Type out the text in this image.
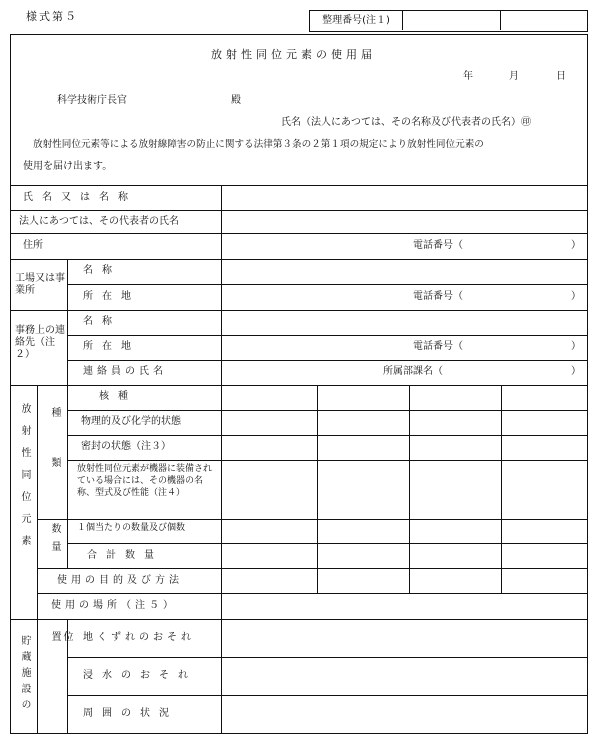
様式第５	整理番号(注１)
放射性同位元素の使用届
年	月	日
科学技術庁長官	殿
氏名（法人にあつては、その名称及び代表者の氏名）㊞
放射性同位元素等による放射線障害の防止に関する法律第３条の２第１項の規定により放射性同位元素の
使用を届け出ます。
氏名又は名称
法人にあつては、その代表者の氏名
住所	電話番号（	）
工場又は事業所
名称
所在地	電話番号（	）
事務上の連絡先（注２）
名称
所在地	電話番号（	）
連絡員の氏名	所属部課名（	）
放射性同位元素 種類
核種
物理的及び化学的状態
密封の状態（注３）
放射性同位元素が機器に装備されている場合には、その機器の名称、型式及び性能（注４）
数量 １個当たりの数量及び個数
合計数量
使用の目的及び方法
使用の場所（注５）
貯蔵施設の	位置	地くずれのおそれ
浸水のおそれ
周囲の状況
